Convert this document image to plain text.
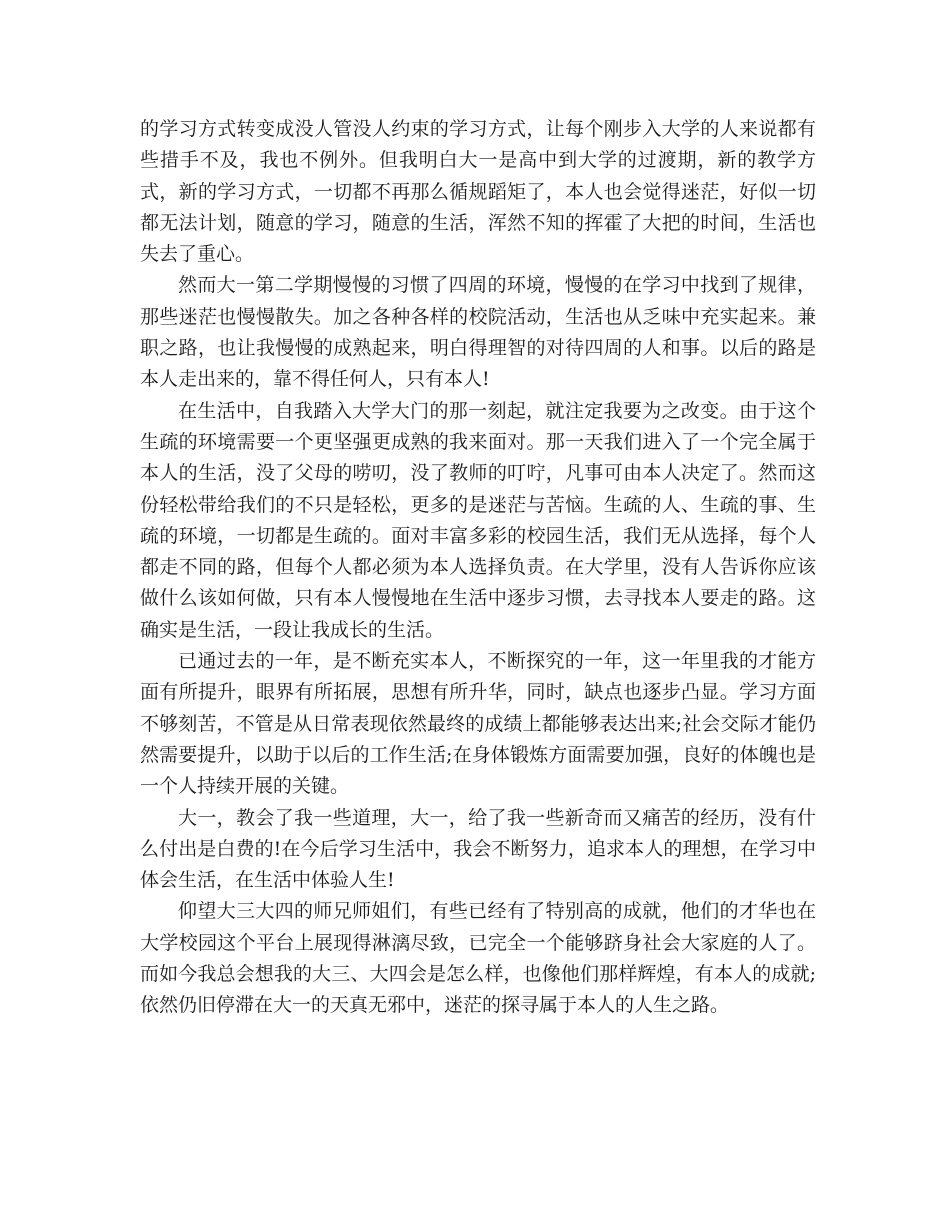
的学习方式转变成没人管没人约束的学习方式，让每个刚步入大学的人来说都有些措手不及，我也不例外。但我明白大一是高中到大学的过渡期，新的教学方式，新的学习方式，一切都不再那么循规蹈矩了，本人也会觉得迷茫，好似一切都无法计划，随意的学习，随意的生活，浑然不知的挥霍了大把的时间，生活也失去了重心。

然而大一第二学期慢慢的习惯了四周的环境，慢慢的在学习中找到了规律，那些迷茫也慢慢散失。加之各种各样的校院活动，生活也从乏味中充实起来。兼职之路，也让我慢慢的成熟起来，明白得理智的对待四周的人和事。以后的路是本人走出来的，靠不得任何人，只有本人!

在生活中，自我踏入大学大门的那一刻起，就注定我要为之改变。由于这个生疏的环境需要一个更坚强更成熟的我来面对。那一天我们进入了一个完全属于本人的生活，没了父母的唠叨，没了教师的叮咛，凡事可由本人决定了。然而这份轻松带给我们的不只是轻松，更多的是迷茫与苦恼。生疏的人、生疏的事、生疏的环境，一切都是生疏的。面对丰富多彩的校园生活，我们无从选择，每个人都走不同的路，但每个人都必须为本人选择负责。在大学里，没有人告诉你应该做什么该如何做，只有本人慢慢地在生活中逐步习惯，去寻找本人要走的路。这确实是生活，一段让我成长的生活。

已通过去的一年，是不断充实本人，不断探究的一年，这一年里我的才能方面有所提升，眼界有所拓展，思想有所升华，同时，缺点也逐步凸显。学习方面不够刻苦，不管是从日常表现依然最终的成绩上都能够表达出来;社会交际才能仍然需要提升，以助于以后的工作生活;在身体锻炼方面需要加强，良好的体魄也是一个人持续开展的关键。

大一，教会了我一些道理，大一，给了我一些新奇而又痛苦的经历，没有什么付出是白费的!在今后学习生活中，我会不断努力，追求本人的理想，在学习中体会生活，在生活中体验人生!

仰望大三大四的师兄师姐们，有些已经有了特别高的成就，他们的才华也在大学校园这个平台上展现得淋漓尽致，已完全一个能够跻身社会大家庭的人了。而如今我总会想我的大三、大四会是怎么样，也像他们那样辉煌，有本人的成就;依然仍旧停滞在大一的天真无邪中，迷茫的探寻属于本人的人生之路。
